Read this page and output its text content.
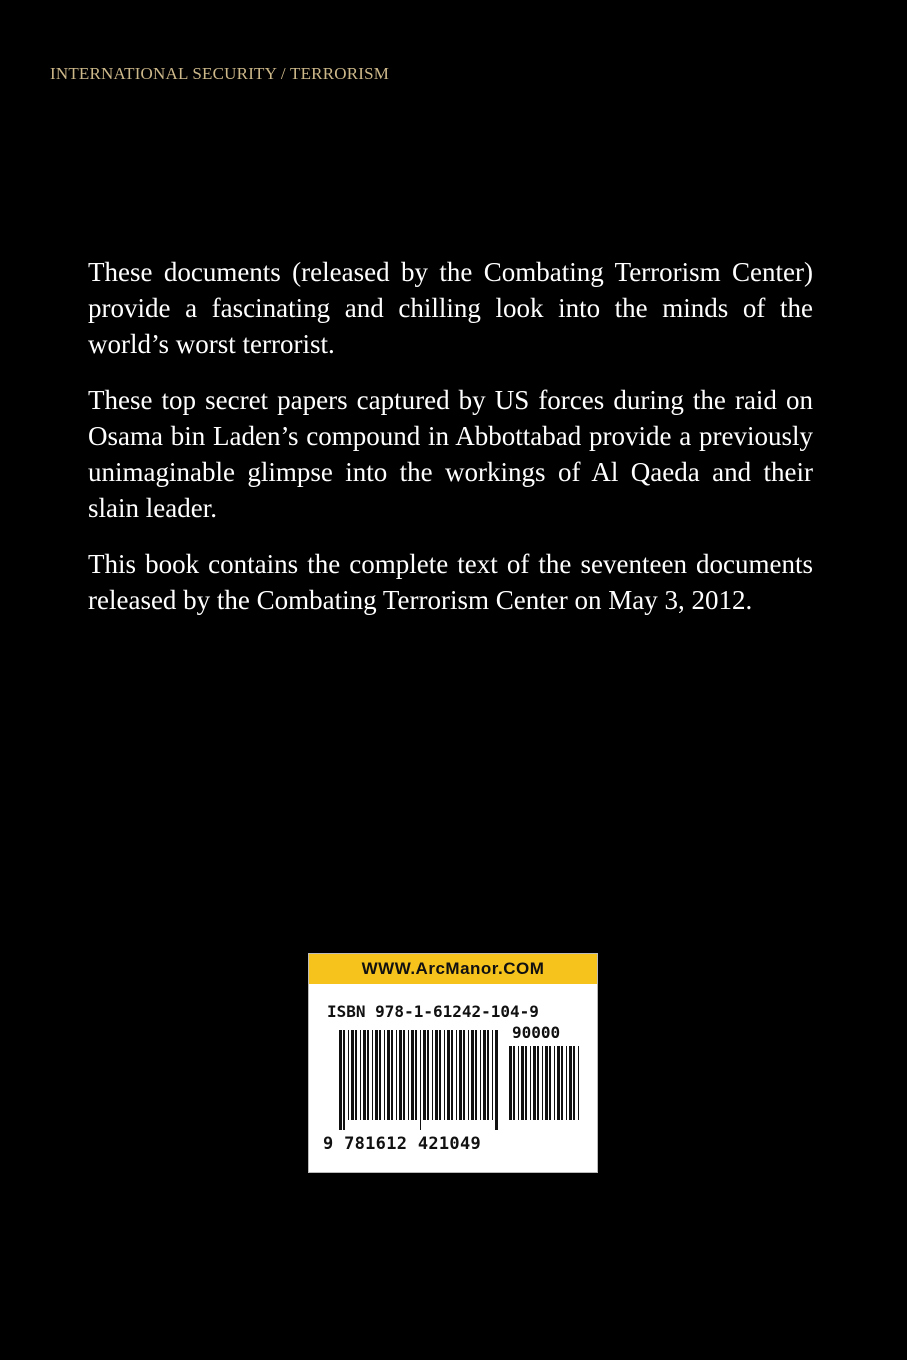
INTERNATIONAL SECURITY / TERRORISM

These documents (released by the Combating Terrorism Center) provide a fascinating and chilling look into the minds of the world’s worst terrorist.

These top secret papers captured by US forces during the raid on Osama bin Laden’s compound in Abbottabad provide a previously unimaginable glimpse into the workings of Al Qaeda and their slain leader.

This book contains the complete text of the seventeen documents released by the Combating Terrorism Center on May 3, 2012.

WWW.ArcManor.COM
ISBN 978-1-61242-104-9
90000
9 781612 421049
